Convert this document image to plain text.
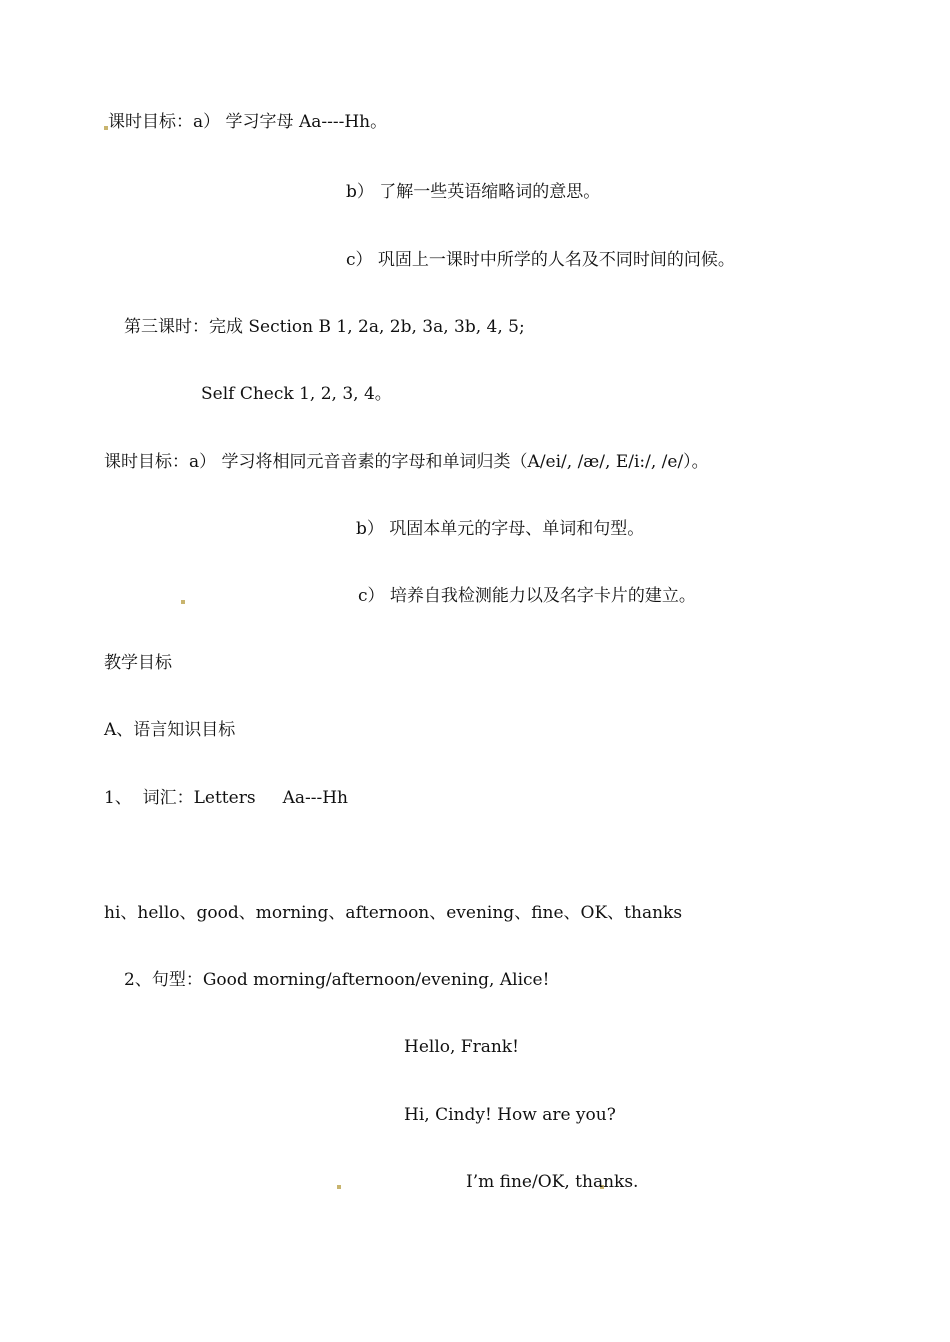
课时目标：a） 学习字母 Aa----Hh。
b） 了解一些英语缩略词的意思。
c） 巩固上一课时中所学的人名及不同时间的问候。
第三课时：完成 Section B 1, 2a, 2b, 3a, 3b, 4, 5;
Self Check 1, 2, 3, 4。
课时目标：a） 学习将相同元音音素的字母和单词归类（A/ei/, /æ/, E/i:/, /e/）。
b） 巩固本单元的字母、单词和句型。
c） 培养自我检测能力以及名字卡片的建立。
教学目标
A、语言知识目标
1、  词汇：Letters     Aa---Hh
hi、hello、good、morning、afternoon、evening、fine、OK、thanks
2、句型：Good morning/afternoon/evening, Alice!
Hello, Frank!
Hi, Cindy! How are you?
I’m fine/OK, thanks.
